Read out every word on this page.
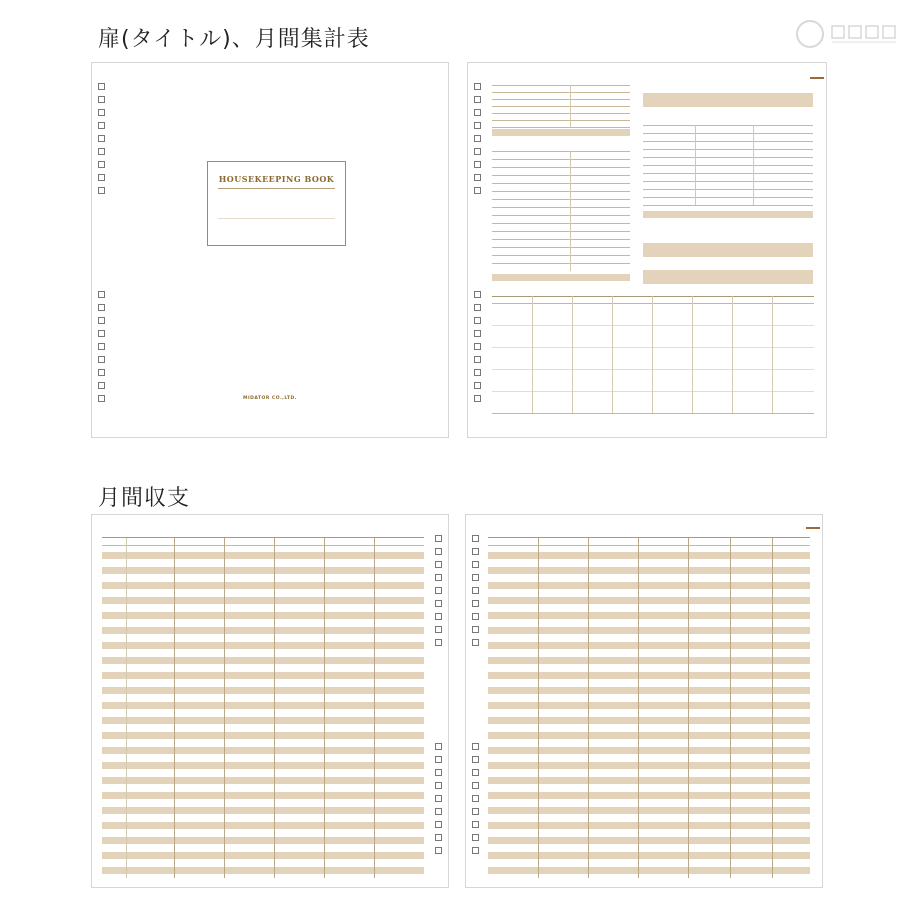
扉(タイトル)、月間集計表
月間収支
HOUSEKEEPING BOOK
MIDATOR CO.,LTD.
